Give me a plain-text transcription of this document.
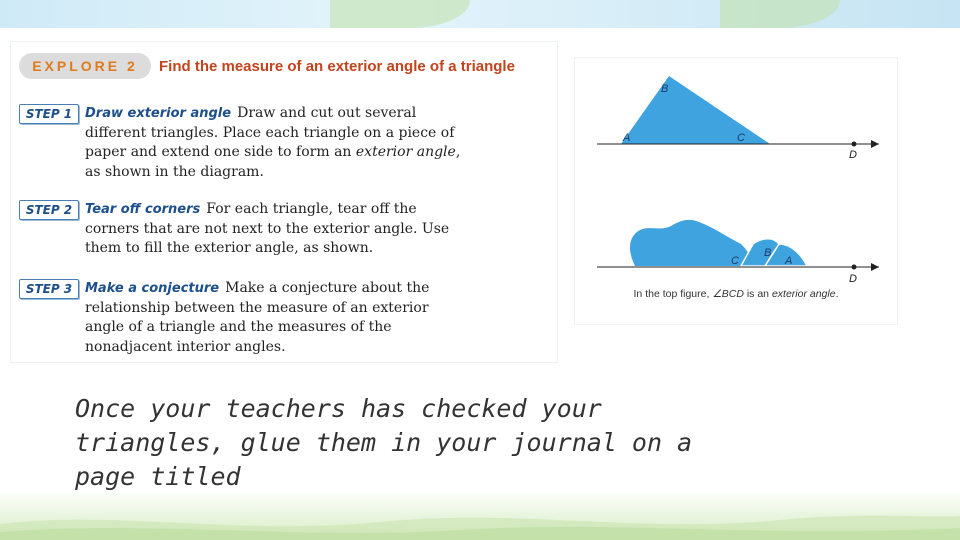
EXPLORE 2	Find the measure of an exterior angle of a triangle
STEP 1 Draw exterior angle Draw and cut out several different triangles. Place each triangle on a piece of paper and extend one side to form an exterior angle, as shown in the diagram.
STEP 2 Tear off corners For each triangle, tear off the corners that are not next to the exterior angle. Use them to fill the exterior angle, as shown.
STEP 3 Make a conjecture Make a conjecture about the relationship between the measure of an exterior angle of a triangle and the measures of the nonadjacent interior angles.
A
B
C
D
C
B
A
D
In the top figure, ∠BCD is an exterior angle.
Once your teachers has checked your triangles, glue them in your journal on a page titled
